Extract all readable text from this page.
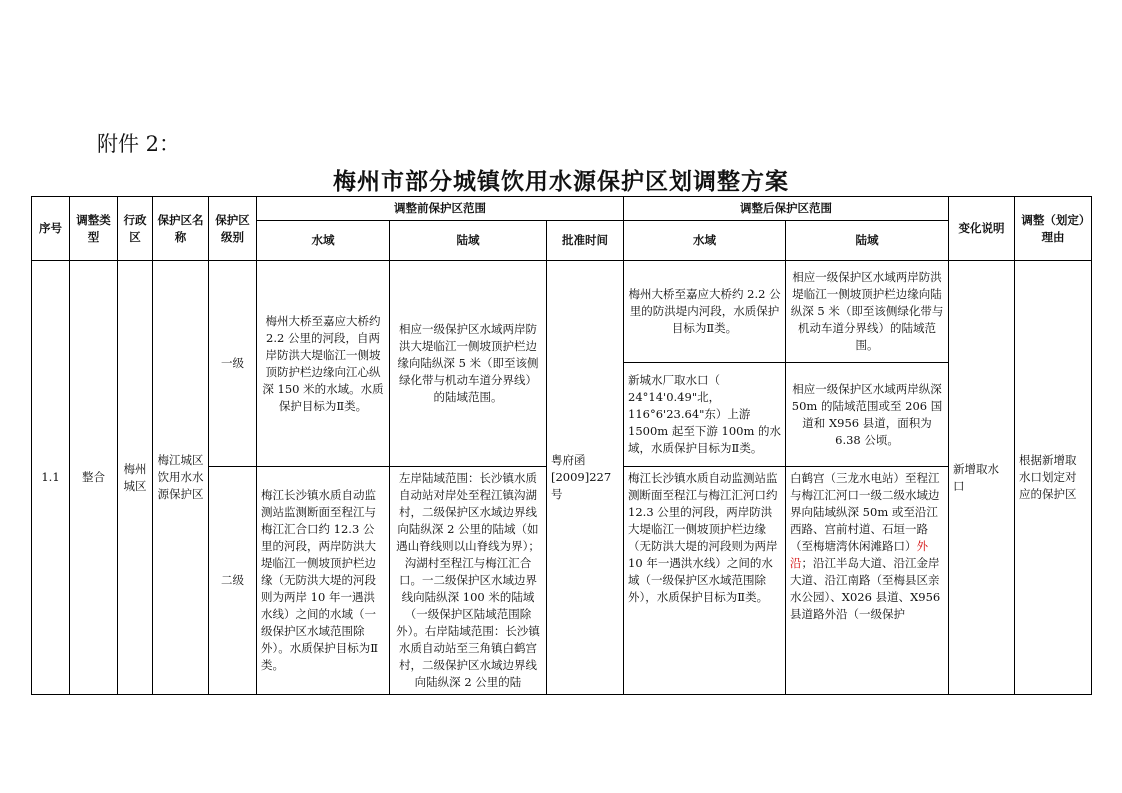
附件 2：
梅州市部分城镇饮用水源保护区划调整方案
序号	调整类型	行政区	保护区名称	保护区级别	调整前保护区范围			调整后保护区范围		变化说明	调整（划定）理由
					水域	陆域	批准时间	水域	陆域		
1.1	整合	梅州城区	梅江城区饮用水水源保护区	一级	梅州大桥至嘉应大桥约 2.2 公里的河段，自两岸防洪大堤临江一侧坡顶防护栏边缘向江心纵深 150 米的水域。水质保护目标为Ⅱ类。	相应一级保护区水域两岸防洪大堤临江一侧坡顶护栏边缘向陆纵深 5 米（即至该侧绿化带与机动车道分界线）的陆域范围。	粤府函[2009]227号	梅州大桥至嘉应大桥约 2.2 公里的防洪堤内河段，水质保护目标为Ⅱ类。	相应一级保护区水域两岸防洪堤临江一侧坡顶护栏边缘向陆纵深 5 米（即至该侧绿化带与机动车道分界线）的陆域范围。	新增取水口	根据新增取水口划定对应的保护区
								新城水厂取水口（ 24°14'0.49"北，116°6'23.64"东）上游 1500m 起至下游 100m 的水域，水质保护目标为Ⅱ类。	相应一级保护区水域两岸纵深 50m 的陆域范围或至 206 国道和 X956 县道，面积为 6.38 公顷。		
				二级	梅江长沙镇水质自动监测站监测断面至程江与梅江汇合口约 12.3 公里的河段，两岸防洪大堤临江一侧坡顶护栏边缘（无防洪大堤的河段则为两岸 10 年一遇洪水线）之间的水域（一级保护区水域范围除外）。水质保护目标为Ⅱ类。	左岸陆域范围：长沙镇水质自动站对岸处至程江镇沟湖村，二级保护区水域边界线向陆纵深 2 公里的陆域（如遇山脊线则以山脊线为界）；沟湖村至程江与梅江汇合口。一二级保护区水域边界线向陆纵深 100 米的陆域（一级保护区陆域范围除外）。右岸陆域范围：长沙镇水质自动站至三角镇白鹤宫村，二级保护区水域边界线向陆纵深 2 公里的陆		梅江长沙镇水质自动监测站监测断面至程江与梅江汇河口约 12.3 公里的河段，两岸防洪大堤临江一侧坡顶护栏边缘（无防洪大堤的河段则为两岸 10 年一遇洪水线）之间的水域（一级保护区水域范围除外），水质保护目标为Ⅱ类。	白鹤宫（三龙水电站）至程江与梅江汇河口一级二级水域边界向陆域纵深 50m 或至沿江西路、宫前村道、石垣一路（至梅塘湾休闲滩路口）外沿；沿江半岛大道、沿江金岸大道、沿江南路（至梅县区亲水公园）、X026 县道、X956 县道路外沿（一级保护		
